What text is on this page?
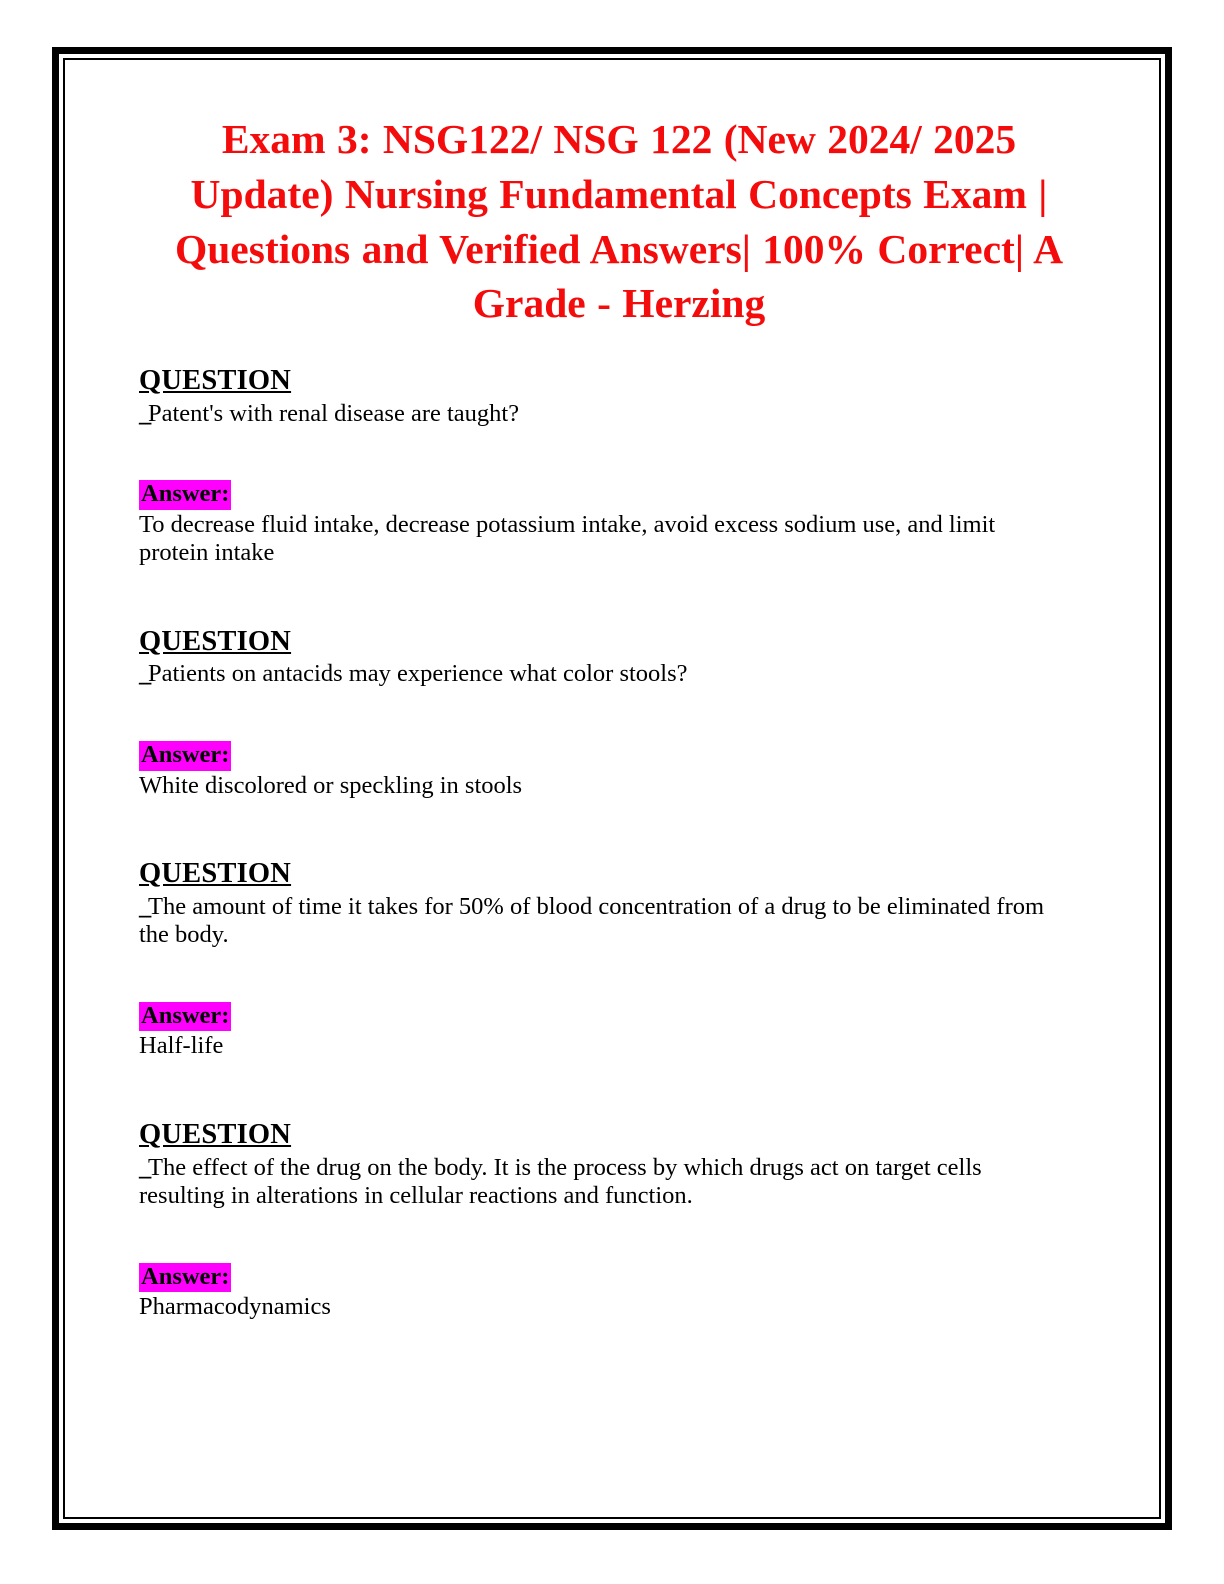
Exam 3: NSG122/ NSG 122 (New 2024/ 2025 Update) Nursing Fundamental Concepts Exam | Questions and Verified Answers| 100% Correct| A Grade - Herzing
QUESTION

_Patent's with renal disease are taught?

Answer:

To decrease fluid intake, decrease potassium intake, avoid excess sodium use, and limit protein intake

QUESTION

_Patients on antacids may experience what color stools?

Answer:

White discolored or speckling in stools

QUESTION

_The amount of time it takes for 50% of blood concentration of a drug to be eliminated from the body.

Answer:

Half-life

QUESTION

_The effect of the drug on the body. It is the process by which drugs act on target cells resulting in alterations in cellular reactions and function.

Answer:

Pharmacodynamics
